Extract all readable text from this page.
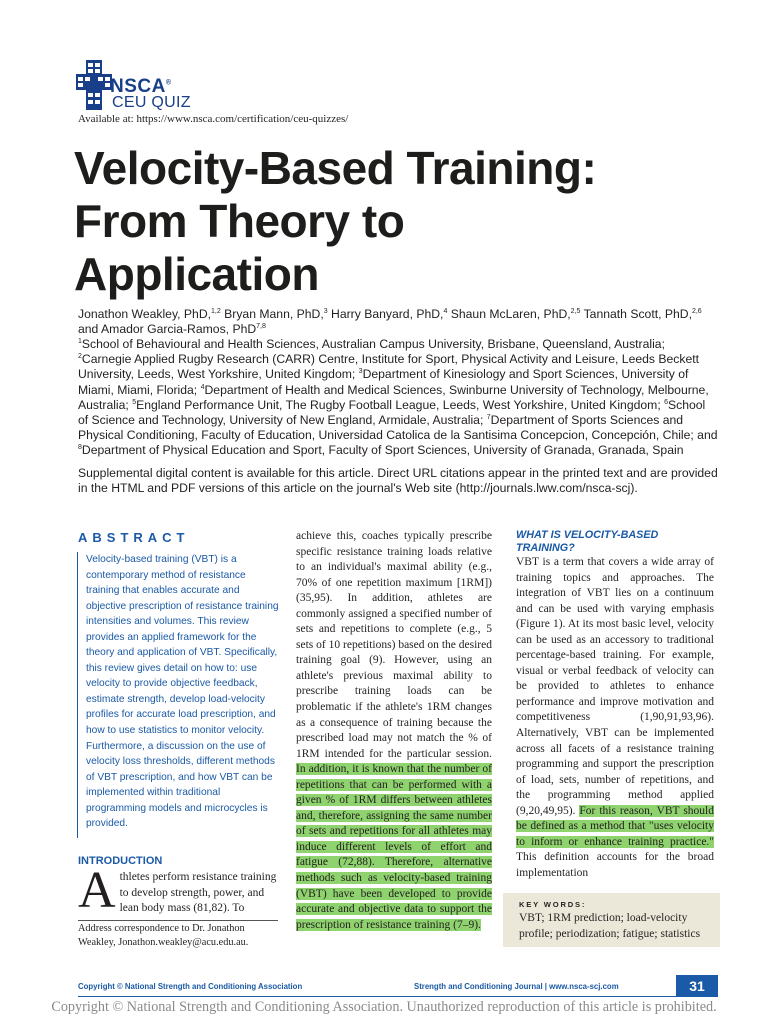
NSCA®
CEU QUIZ
Available at: https://www.nsca.com/certification/ceu-quizzes/
Velocity-Based Training:
From Theory to
Application
Jonathon Weakley, PhD,$^{1,2}$ Bryan Mann, PhD,$^3$ Harry Banyard, PhD,$^4$ Shaun McLaren, PhD,$^{2,5}$ Tannath Scott, PhD,$^{2,6}$ and Amador Garcia-Ramos, PhD$^{7,8}$
$^1$School of Behavioural and Health Sciences, Australian Campus University, Brisbane, Queensland, Australia; $^2$Carnegie Applied Rugby Research (CARR) Centre, Institute for Sport, Physical Activity and Leisure, Leeds Beckett University, Leeds, West Yorkshire, United Kingdom; $^3$Department of Kinesiology and Sport Sciences, University of Miami, Miami, Florida; $^4$Department of Health and Medical Sciences, Swinburne University of Technology, Melbourne, Australia; $^5$England Performance Unit, The Rugby Football League, Leeds, West Yorkshire, United Kingdom; $^6$School of Science and Technology, University of New England, Armidale, Australia; $^7$Department of Sports Sciences and Physical Conditioning, Faculty of Education, Universidad Catolica de la Santisima Concepcion, Concepción, Chile; and $^8$Department of Physical Education and Sport, Faculty of Sport Sciences, University of Granada, Granada, Spain

Supplemental digital content is available for this article. Direct URL citations appear in the printed text and are provided in the HTML and PDF versions of this article on the journal's Web site (http://journals.lww.com/nsca-scj).

ABSTRACT

Velocity-based training (VBT) is a contemporary method of resistance training that enables accurate and objective prescription of resistance training intensities and volumes. This review provides an applied framework for the theory and application of VBT. Specifically, this review gives detail on how to: use velocity to provide objective feedback, estimate strength, develop load-velocity profiles for accurate load prescription, and how to use statistics to monitor velocity. Furthermore, a discussion on the use of velocity loss thresholds, different methods of VBT prescription, and how VBT can be implemented within traditional programming models and microcycles is provided.

INTRODUCTION

Athletes perform resistance training to develop strength, power, and lean body mass (81,82). To

Address correspondence to Dr. Jonathon Weakley, Jonathon.weakley@acu.edu.au.

achieve this, coaches typically prescribe specific resistance training loads relative to an individual's maximal ability (e.g., 70% of one repetition maximum [1RM]) (35,95). In addition, athletes are commonly assigned a specified number of sets and repetitions to complete (e.g., 5 sets of 10 repetitions) based on the desired training goal (9). However, using an athlete's previous maximal ability to prescribe training loads can be problematic if the athlete's 1RM changes as a consequence of training because the prescribed load may not match the % of 1RM intended for the particular session. In addition, it is known that the number of repetitions that can be performed with a given % of 1RM differs between athletes and, therefore, assigning the same number of sets and repetitions for all athletes may induce different levels of effort and fatigue (72,88). Therefore, alternative methods such as velocity-based training (VBT) have been developed to provide accurate and objective data to support the prescription of resistance training (7–9).

WHAT IS VELOCITY-BASED TRAINING?

VBT is a term that covers a wide array of training topics and approaches. The integration of VBT lies on a continuum and can be used with varying emphasis (Figure 1). At its most basic level, velocity can be used as an accessory to traditional percentage-based training. For example, visual or verbal feedback of velocity can be provided to athletes to enhance performance and improve motivation and competitiveness (1,90,91,93,96). Alternatively, VBT can be implemented across all facets of a resistance training programming and support the prescription of load, sets, number of repetitions, and the programming method applied (9,20,49,95). For this reason, VBT should be defined as a method that "uses velocity to inform or enhance training practice." This definition accounts for the broad implementation

KEY WORDS:
VBT; 1RM prediction; load-velocity profile; periodization; fatigue; statistics
Copyright © National Strength and Conditioning Association	Strength and Conditioning Journal | www.nsca-scj.com	31
Copyright © National Strength and Conditioning Association. Unauthorized reproduction of this article is prohibited.
